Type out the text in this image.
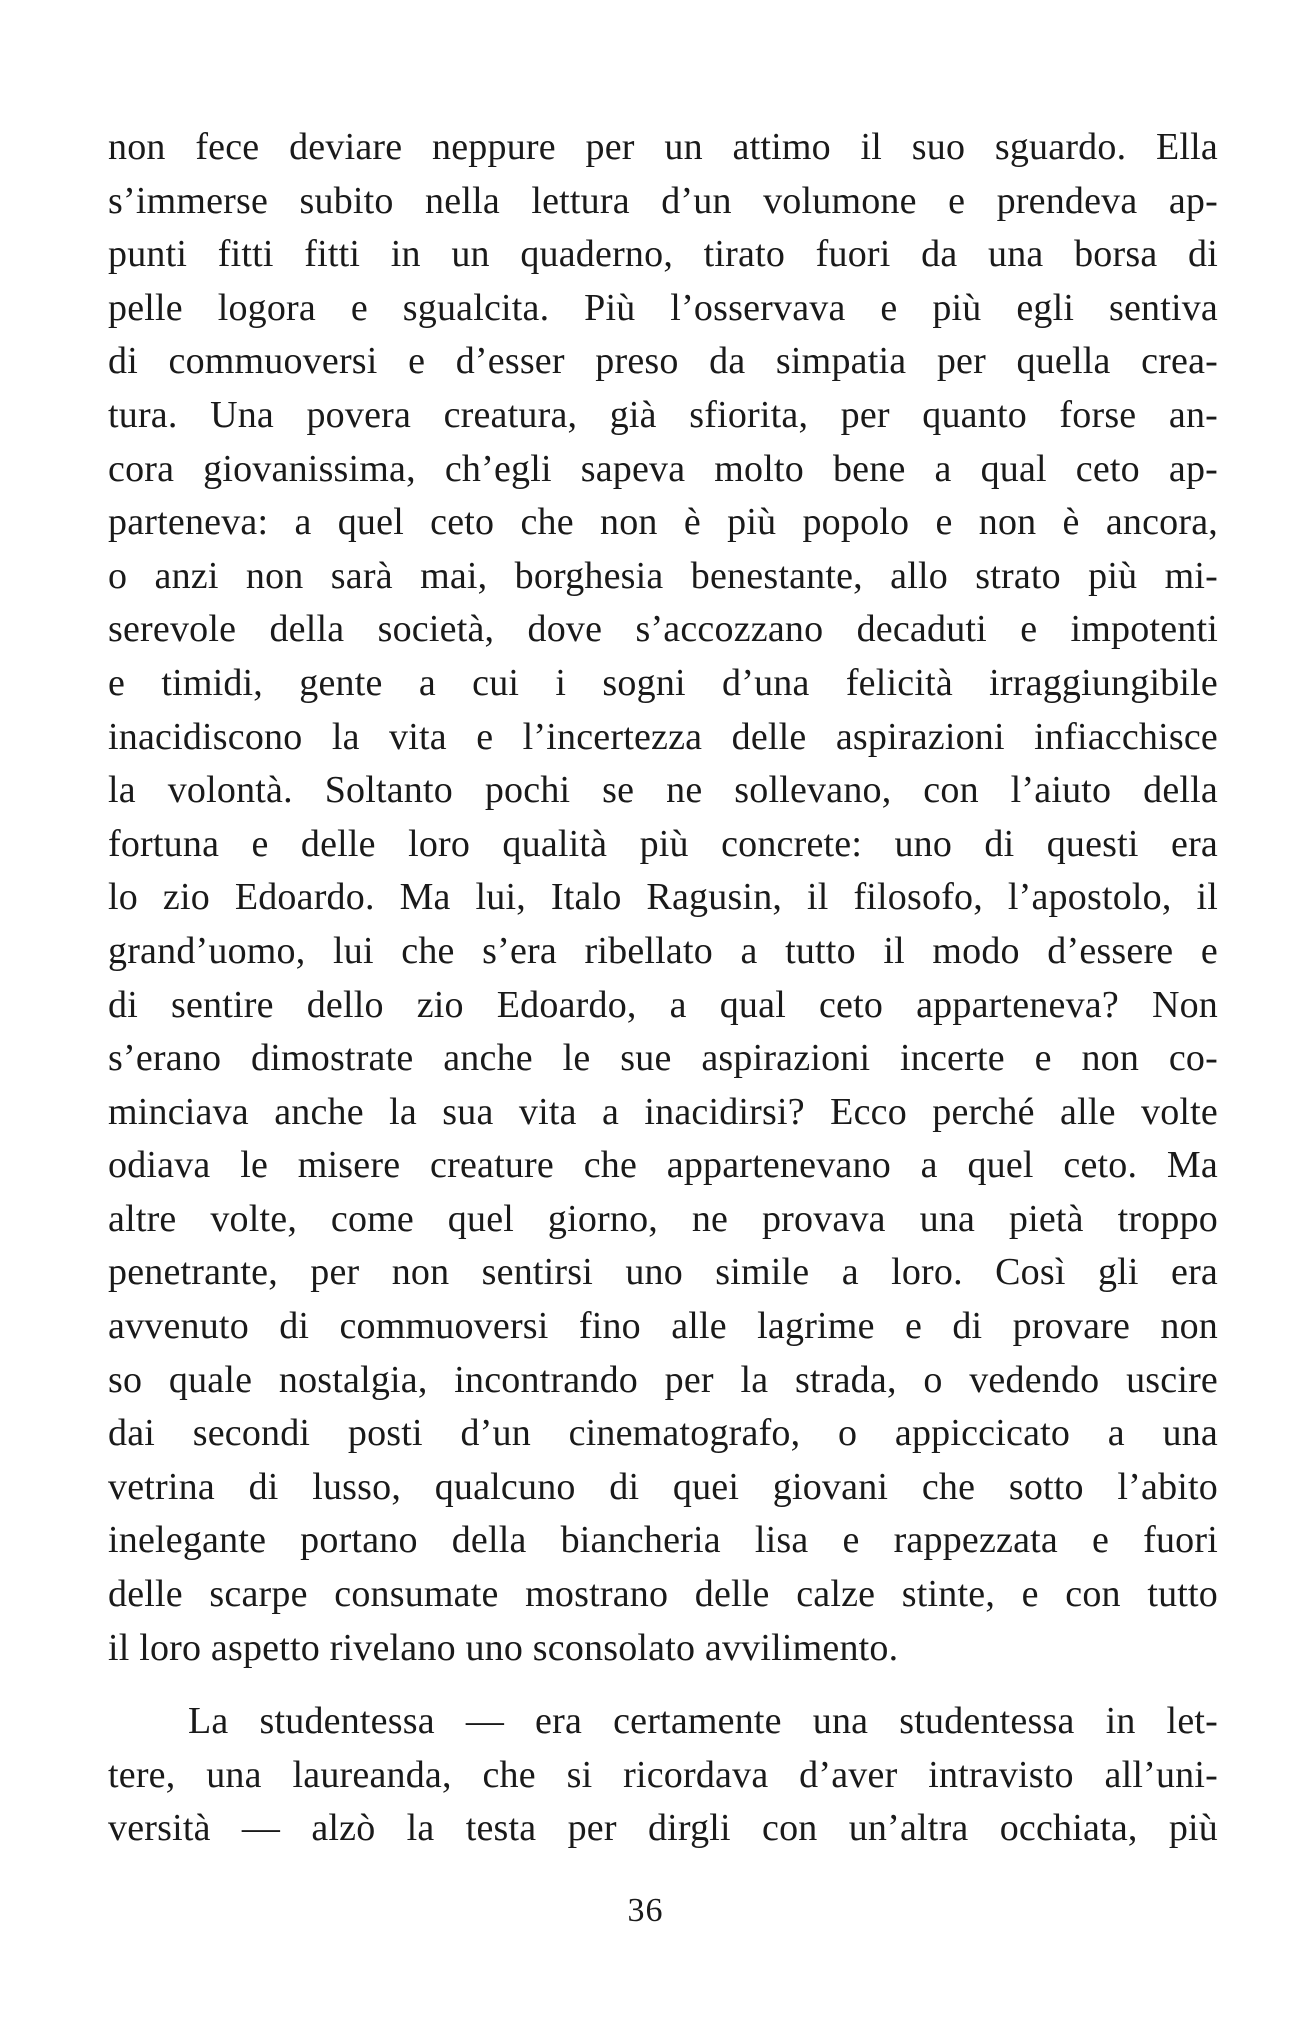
non fece deviare neppure per un attimo il suo sguardo. Ella
s’immerse subito nella lettura d’un volumone e prendeva ap-
punti fitti fitti in un quaderno, tirato fuori da una borsa di
pelle logora e sgualcita. Più l’osservava e più egli sentiva
di commuoversi e d’esser preso da simpatia per quella crea-
tura. Una povera creatura, già sfiorita, per quanto forse an-
cora giovanissima, ch’egli sapeva molto bene a qual ceto ap-
parteneva: a quel ceto che non è più popolo e non è ancora,
o anzi non sarà mai, borghesia benestante, allo strato più mi-
serevole della società, dove s’accozzano decaduti e impotenti
e timidi, gente a cui i sogni d’una felicità irraggiungibile
inacidiscono la vita e l’incertezza delle aspirazioni infiacchisce
la volontà. Soltanto pochi se ne sollevano, con l’aiuto della
fortuna e delle loro qualità più concrete: uno di questi era
lo zio Edoardo. Ma lui, Italo Ragusin, il filosofo, l’apostolo, il
grand’uomo, lui che s’era ribellato a tutto il modo d’essere e
di sentire dello zio Edoardo, a qual ceto apparteneva? Non
s’erano dimostrate anche le sue aspirazioni incerte e non co-
minciava anche la sua vita a inacidirsi? Ecco perché alle volte
odiava le misere creature che appartenevano a quel ceto. Ma
altre volte, come quel giorno, ne provava una pietà troppo
penetrante, per non sentirsi uno simile a loro. Così gli era
avvenuto di commuoversi fino alle lagrime e di provare non
so quale nostalgia, incontrando per la strada, o vedendo uscire
dai secondi posti d’un cinematografo, o appiccicato a una
vetrina di lusso, qualcuno di quei giovani che sotto l’abito
inelegante portano della biancheria lisa e rappezzata e fuori
delle scarpe consumate mostrano delle calze stinte, e con tutto
il loro aspetto rivelano uno sconsolato avvilimento.
La studentessa — era certamente una studentessa in let-
tere, una laureanda, che si ricordava d’aver intravisto all’uni-
versità — alzò la testa per dirgli con un’altra occhiata, più
36
